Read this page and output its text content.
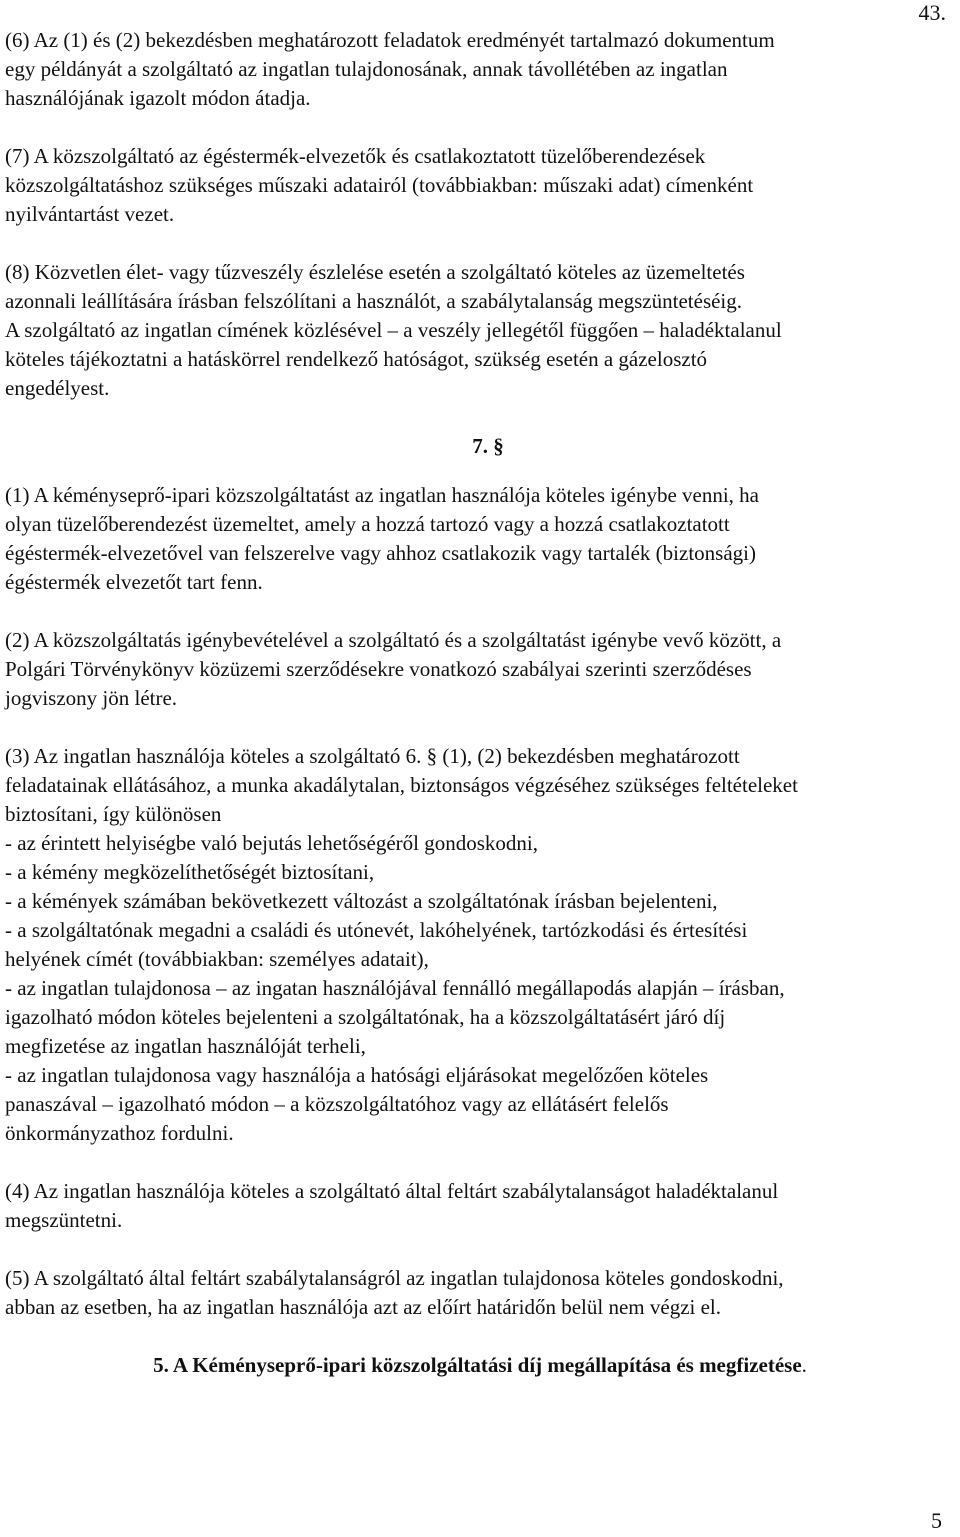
43.

(6) Az (1) és (2) bekezdésben meghatározott feladatok eredményét tartalmazó dokumentum
egy példányát a szolgáltató az ingatlan tulajdonosának, annak távollétében az ingatlan
használójának igazolt módon átadja.

(7) A közszolgáltató az égéstermék-elvezetők és csatlakoztatott tüzelőberendezések
közszolgáltatáshoz szükséges műszaki adatairól (továbbiakban: műszaki adat) címenként
nyilvántartást vezet.

(8) Közvetlen élet- vagy tűzveszély észlelése esetén a szolgáltató köteles az üzemeltetés
azonnali leállítására írásban felszólítani a használót, a szabálytalanság megszüntetéséig.
A szolgáltató az ingatlan címének közlésével – a veszély jellegétől függően – haladéktalanul
köteles tájékoztatni a hatáskörrel rendelkező hatóságot, szükség esetén a gázelosztó
engedélyest.

7. §

(1) A kéményseprő-ipari közszolgáltatást az ingatlan használója köteles igénybe venni, ha
olyan tüzelőberendezést üzemeltet, amely a hozzá tartozó vagy a hozzá csatlakoztatott
égéstermék-elvezetővel van felszerelve vagy ahhoz csatlakozik vagy tartalék (biztonsági)
égéstermék elvezetőt tart fenn.

(2) A közszolgáltatás igénybevételével a szolgáltató és a szolgáltatást igénybe vevő között, a
Polgári Törvénykönyv közüzemi szerződésekre vonatkozó szabályai szerinti szerződéses
jogviszony jön létre.

(3) Az ingatlan használója köteles a szolgáltató 6. § (1), (2) bekezdésben meghatározott
feladatainak ellátásához, a munka akadálytalan, biztonságos végzéséhez szükséges feltételeket
biztosítani, így különösen
- az érintett helyiségbe való bejutás lehetőségéről gondoskodni,
- a kémény megközelíthetőségét biztosítani,
- a kémények számában bekövetkezett változást a szolgáltatónak írásban bejelenteni,
- a szolgáltatónak megadni a családi és utónevét, lakóhelyének, tartózkodási és értesítési
helyének címét (továbbiakban: személyes adatait),
- az ingatlan tulajdonosa – az ingatan használójával fennálló megállapodás alapján – írásban,
igazolható módon köteles bejelenteni a szolgáltatónak, ha a közszolgáltatásért járó díj
megfizetése az ingatlan használóját terheli,
- az ingatlan tulajdonosa vagy használója a hatósági eljárásokat megelőzően köteles
panaszával – igazolható módon – a közszolgáltatóhoz vagy az ellátásért felelős
önkormányzathoz fordulni.

(4) Az ingatlan használója köteles a szolgáltató által feltárt szabálytalanságot haladéktalanul
megszüntetni.

(5) A szolgáltató által feltárt szabálytalanságról az ingatlan tulajdonosa köteles gondoskodni,
abban az esetben, ha az ingatlan használója azt az előírt határidőn belül nem végzi el.

5. A Kéményseprő-ipari közszolgáltatási díj megállapítása és megfizetése.
5
